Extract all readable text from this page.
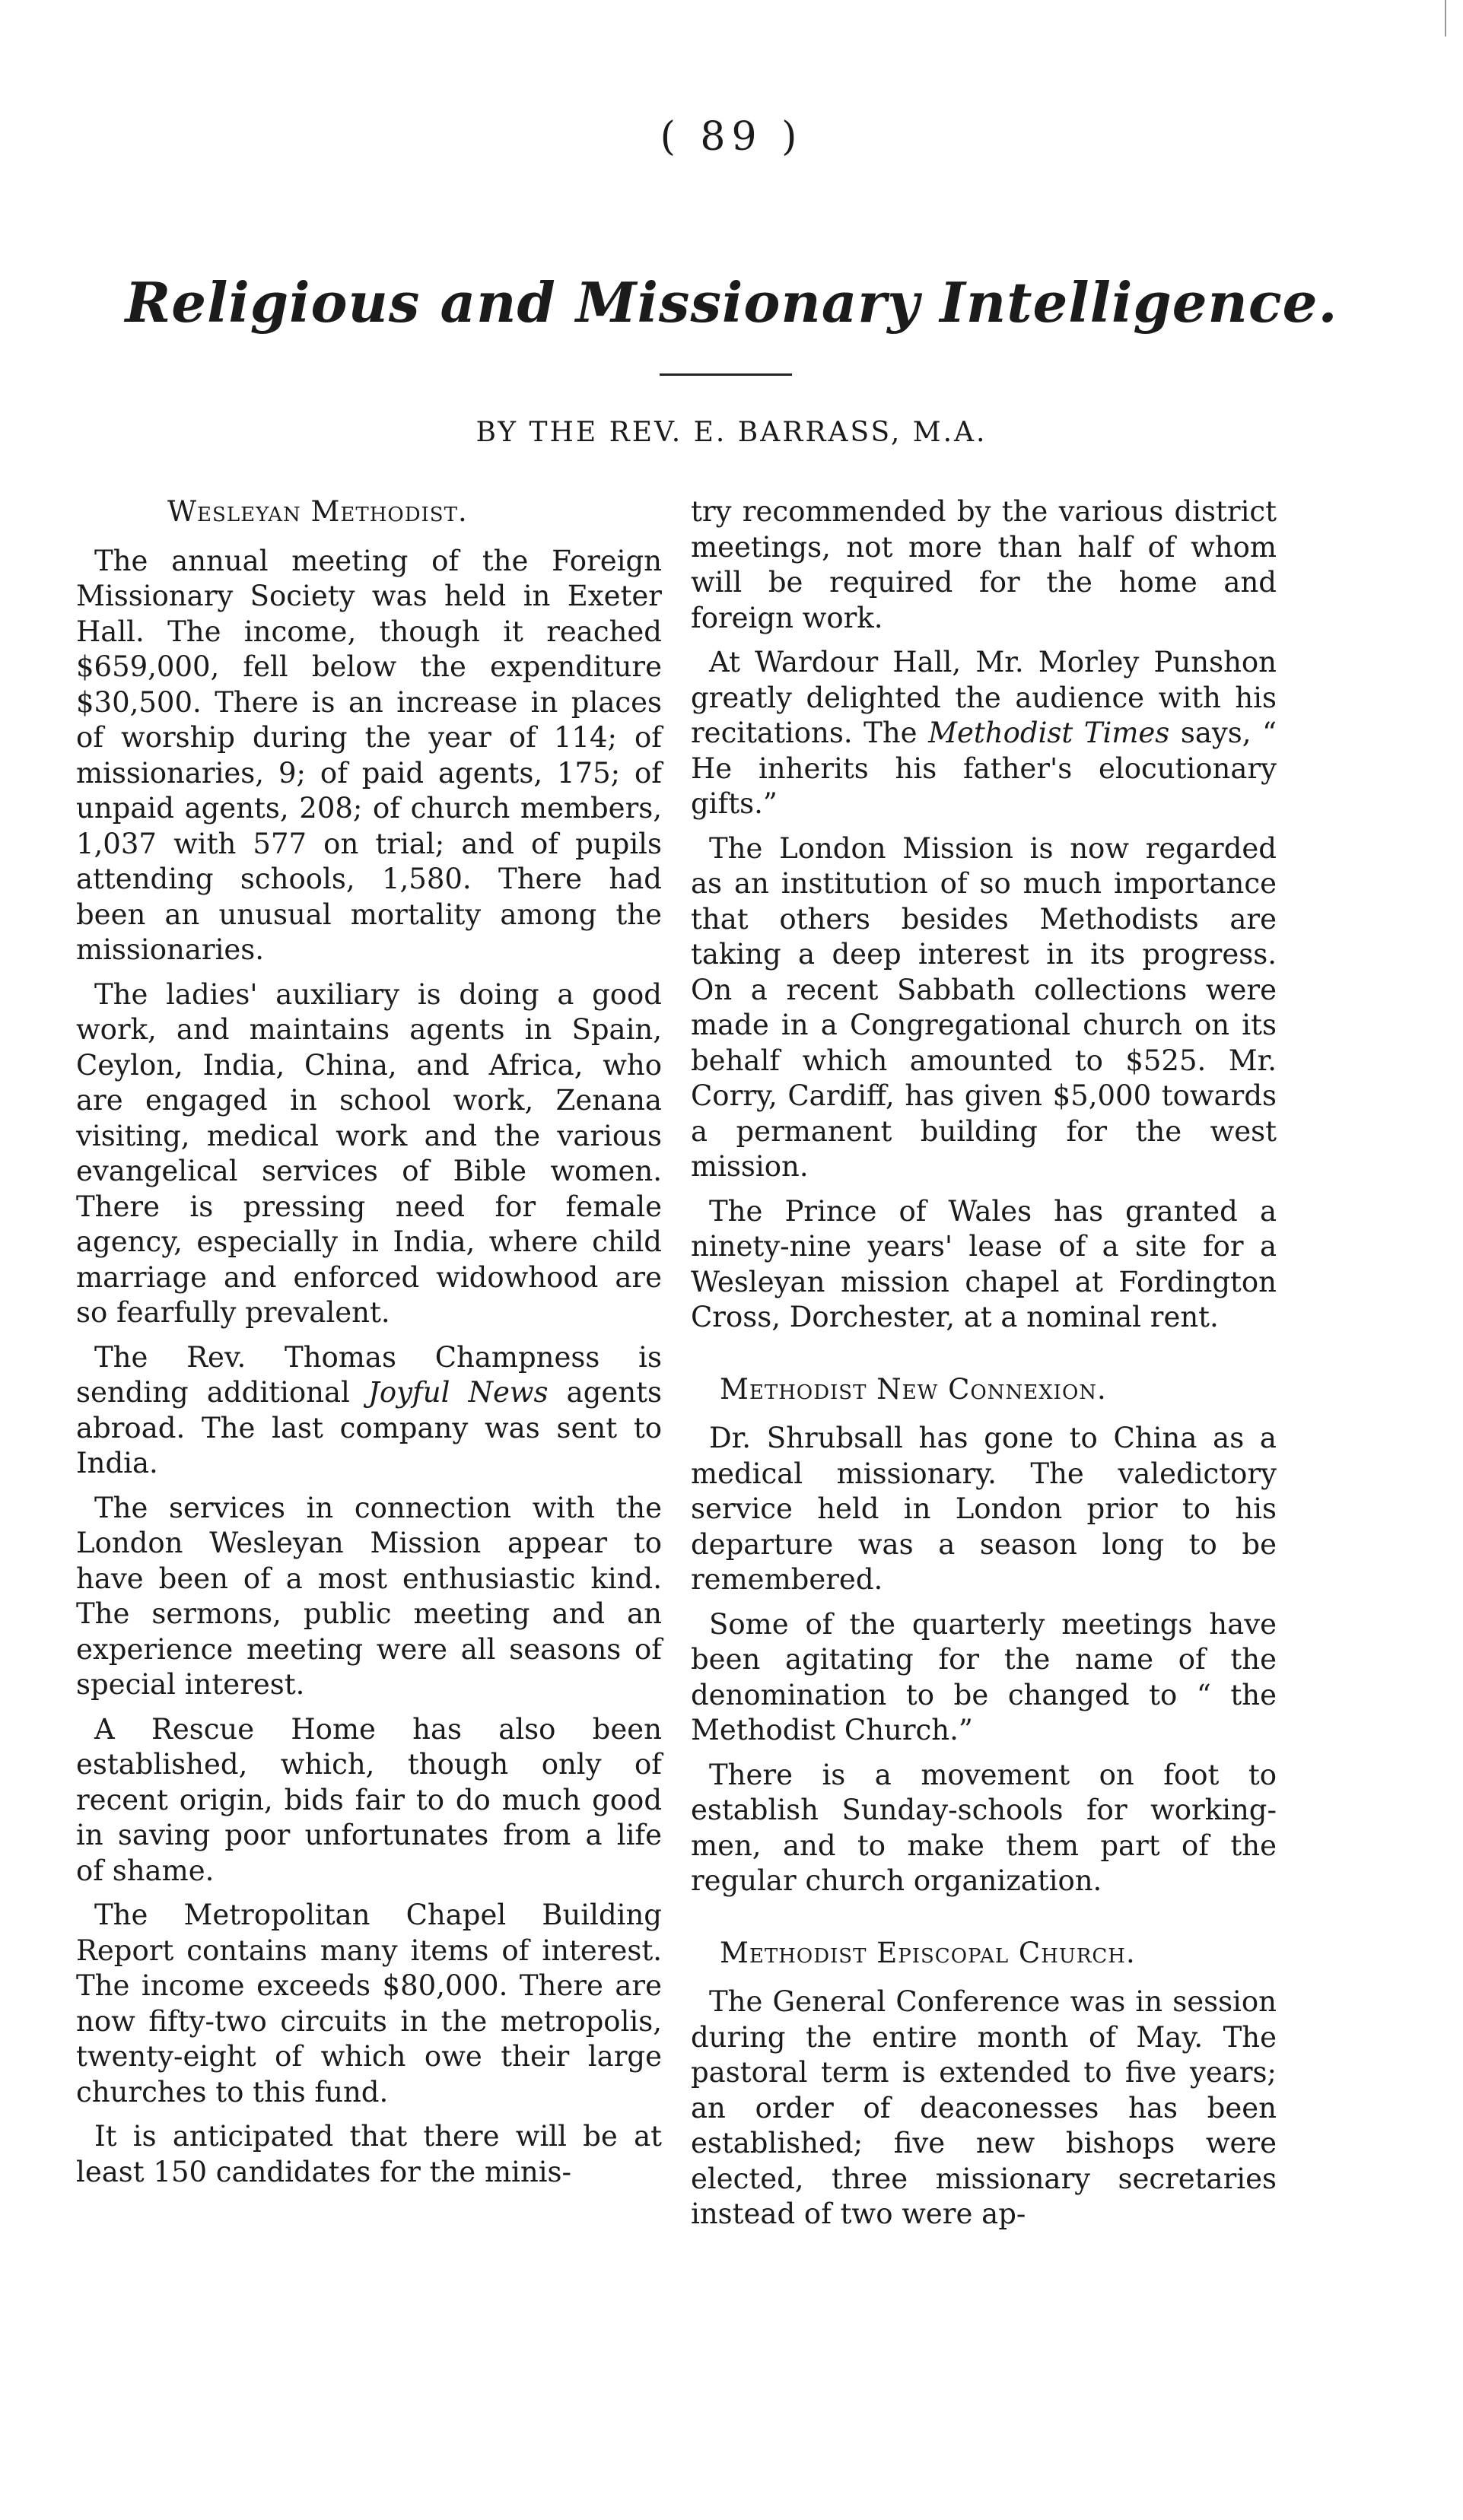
( 89 )
Religious and Missionary Intelligence.
BY THE REV. E. BARRASS, M.A.
Wesleyan Methodist.

The annual meeting of the Foreign Missionary Society was held in Exeter Hall. The income, though it reached $659,000, fell below the expenditure $30,500. There is an increase in places of worship during the year of 114; of missionaries, 9; of paid agents, 175; of unpaid agents, 208; of church members, 1,037 with 577 on trial; and of pupils attending schools, 1,580. There had been an unusual mortality among the missionaries.

The ladies' auxiliary is doing a good work, and maintains agents in Spain, Ceylon, India, China, and Africa, who are engaged in school work, Zenana visiting, medical work and the various evangelical services of Bible women. There is pressing need for female agency, especially in India, where child marriage and enforced widowhood are so fearfully prevalent.

The Rev. Thomas Champness is sending additional Joyful News agents abroad. The last company was sent to India.

The services in connection with the London Wesleyan Mission appear to have been of a most enthusiastic kind. The sermons, public meeting and an experience meeting were all seasons of special interest.

A Rescue Home has also been established, which, though only of recent origin, bids fair to do much good in saving poor unfortunates from a life of shame.

The Metropolitan Chapel Building Report contains many items of interest. The income exceeds $80,000. There are now fifty-two circuits in the metropolis, twenty-eight of which owe their large churches to this fund.

It is anticipated that there will be at least 150 candidates for the minis-

try recommended by the various district meetings, not more than half of whom will be required for the home and foreign work.

At Wardour Hall, Mr. Morley Punshon greatly delighted the audience with his recitations. The Methodist Times says, “ He inherits his father's elocutionary gifts.”

The London Mission is now regarded as an institution of so much importance that others besides Methodists are taking a deep interest in its progress. On a recent Sabbath collections were made in a Congregational church on its behalf which amounted to $525. Mr. Corry, Cardiff, has given $5,000 towards a permanent building for the west mission.

The Prince of Wales has granted a ninety-nine years' lease of a site for a Wesleyan mission chapel at Fordington Cross, Dorchester, at a nominal rent.

Methodist New Connexion.

Dr. Shrubsall has gone to China as a medical missionary. The valedictory service held in London prior to his departure was a season long to be remembered.

Some of the quarterly meetings have been agitating for the name of the denomination to be changed to “ the Methodist Church.”

There is a movement on foot to establish Sunday-schools for working-men, and to make them part of the regular church organization.

Methodist Episcopal Church.

The General Conference was in session during the entire month of May. The pastoral term is extended to five years; an order of deaconesses has been established; five new bishops were elected, three missionary secretaries instead of two were ap-
